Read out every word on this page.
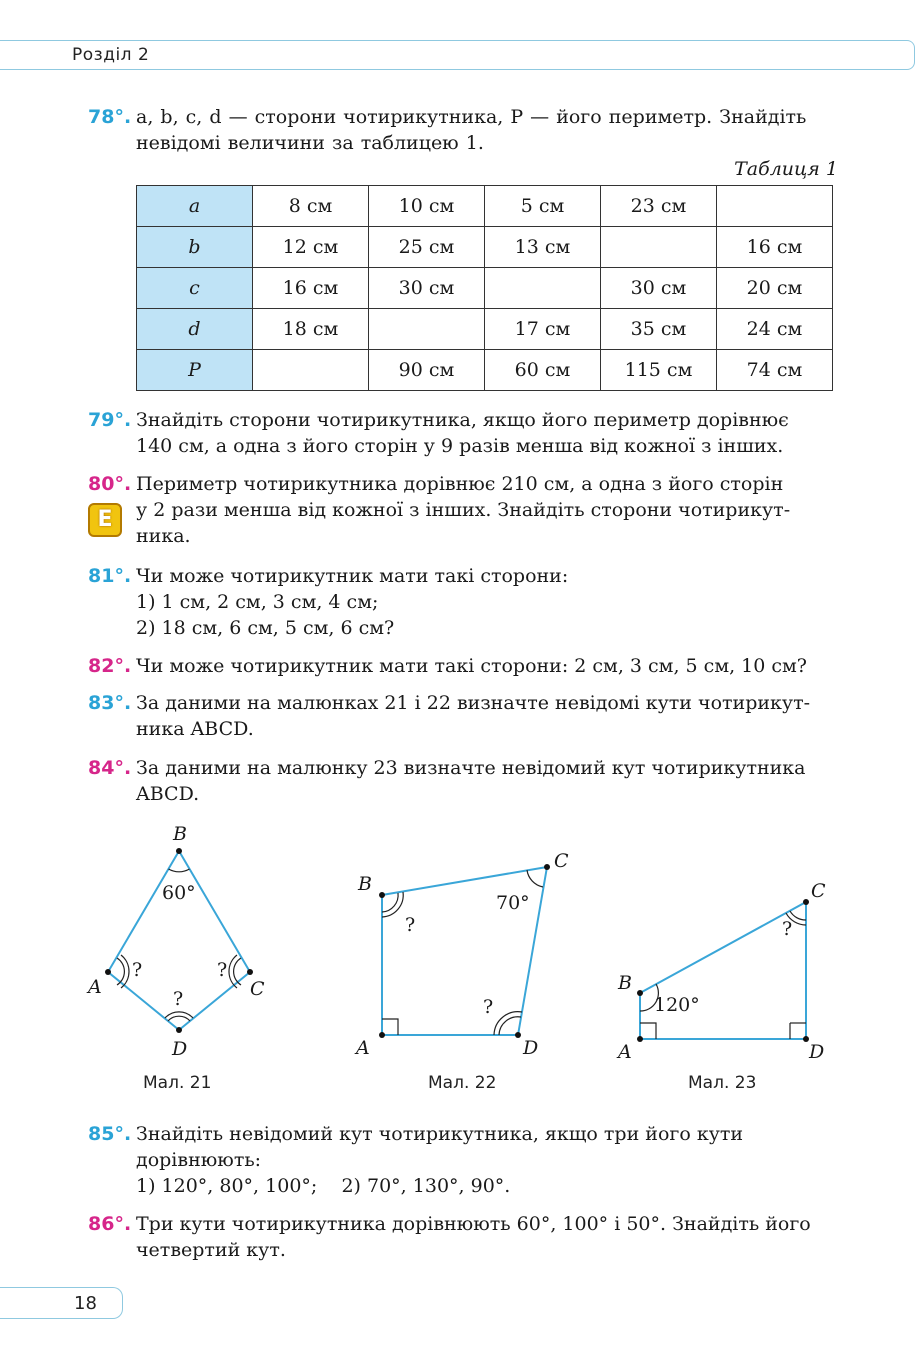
Розділ 2
78°. a, b, c, d — сторони чотирикутника, P — його периметр. Знайдіть
невідомі величини за таблицею 1.
Таблиця 1
a	8 см	10 см	5 см	23 см	
b	12 см	25 см	13 см		16 см
c	16 см	30 см		30 см	20 см
d	18 см		17 см	35 см	24 см
P		90 см	60 см	115 см	74 см
79°. Знайдіть сторони чотирикутника, якщо його периметр дорівнює
140 см, а одна з його сторін у 9 разів менша від кожної з інших.
80°. Периметр чотирикутника дорівнює 210 см, а одна з його сторін
у 2 рази менша від кожної з інших. Знайдіть сторони чотирикут-
ника.
E
81°. Чи може чотирикутник мати такі сторони:
1) 1 см, 2 см, 3 см, 4 см;
2) 18 см, 6 см, 5 см, 6 см?
82°. Чи може чотирикутник мати такі сторони: 2 см, 3 см, 5 см, 10 см?
83°. За даними на малюнках 21 і 22 визначте невідомі кути чотирикут-
ника ABCD.
84°. За даними на малюнку 23 визначте невідомий кут чотирикутника
ABCD.
B
A	C
D
60°
?	?
?
Мал. 21
B
C
A	D
70°
?
?
Мал. 22
B
C
A	D
120°
?
Мал. 23
85°. Знайдіть невідомий кут чотирикутника, якщо три його кути
дорівнюють:
1) 120°, 80°, 100°;    2) 70°, 130°, 90°.
86°. Три кути чотирикутника дорівнюють 60°, 100° і 50°. Знайдіть його
четвертий кут.
18
